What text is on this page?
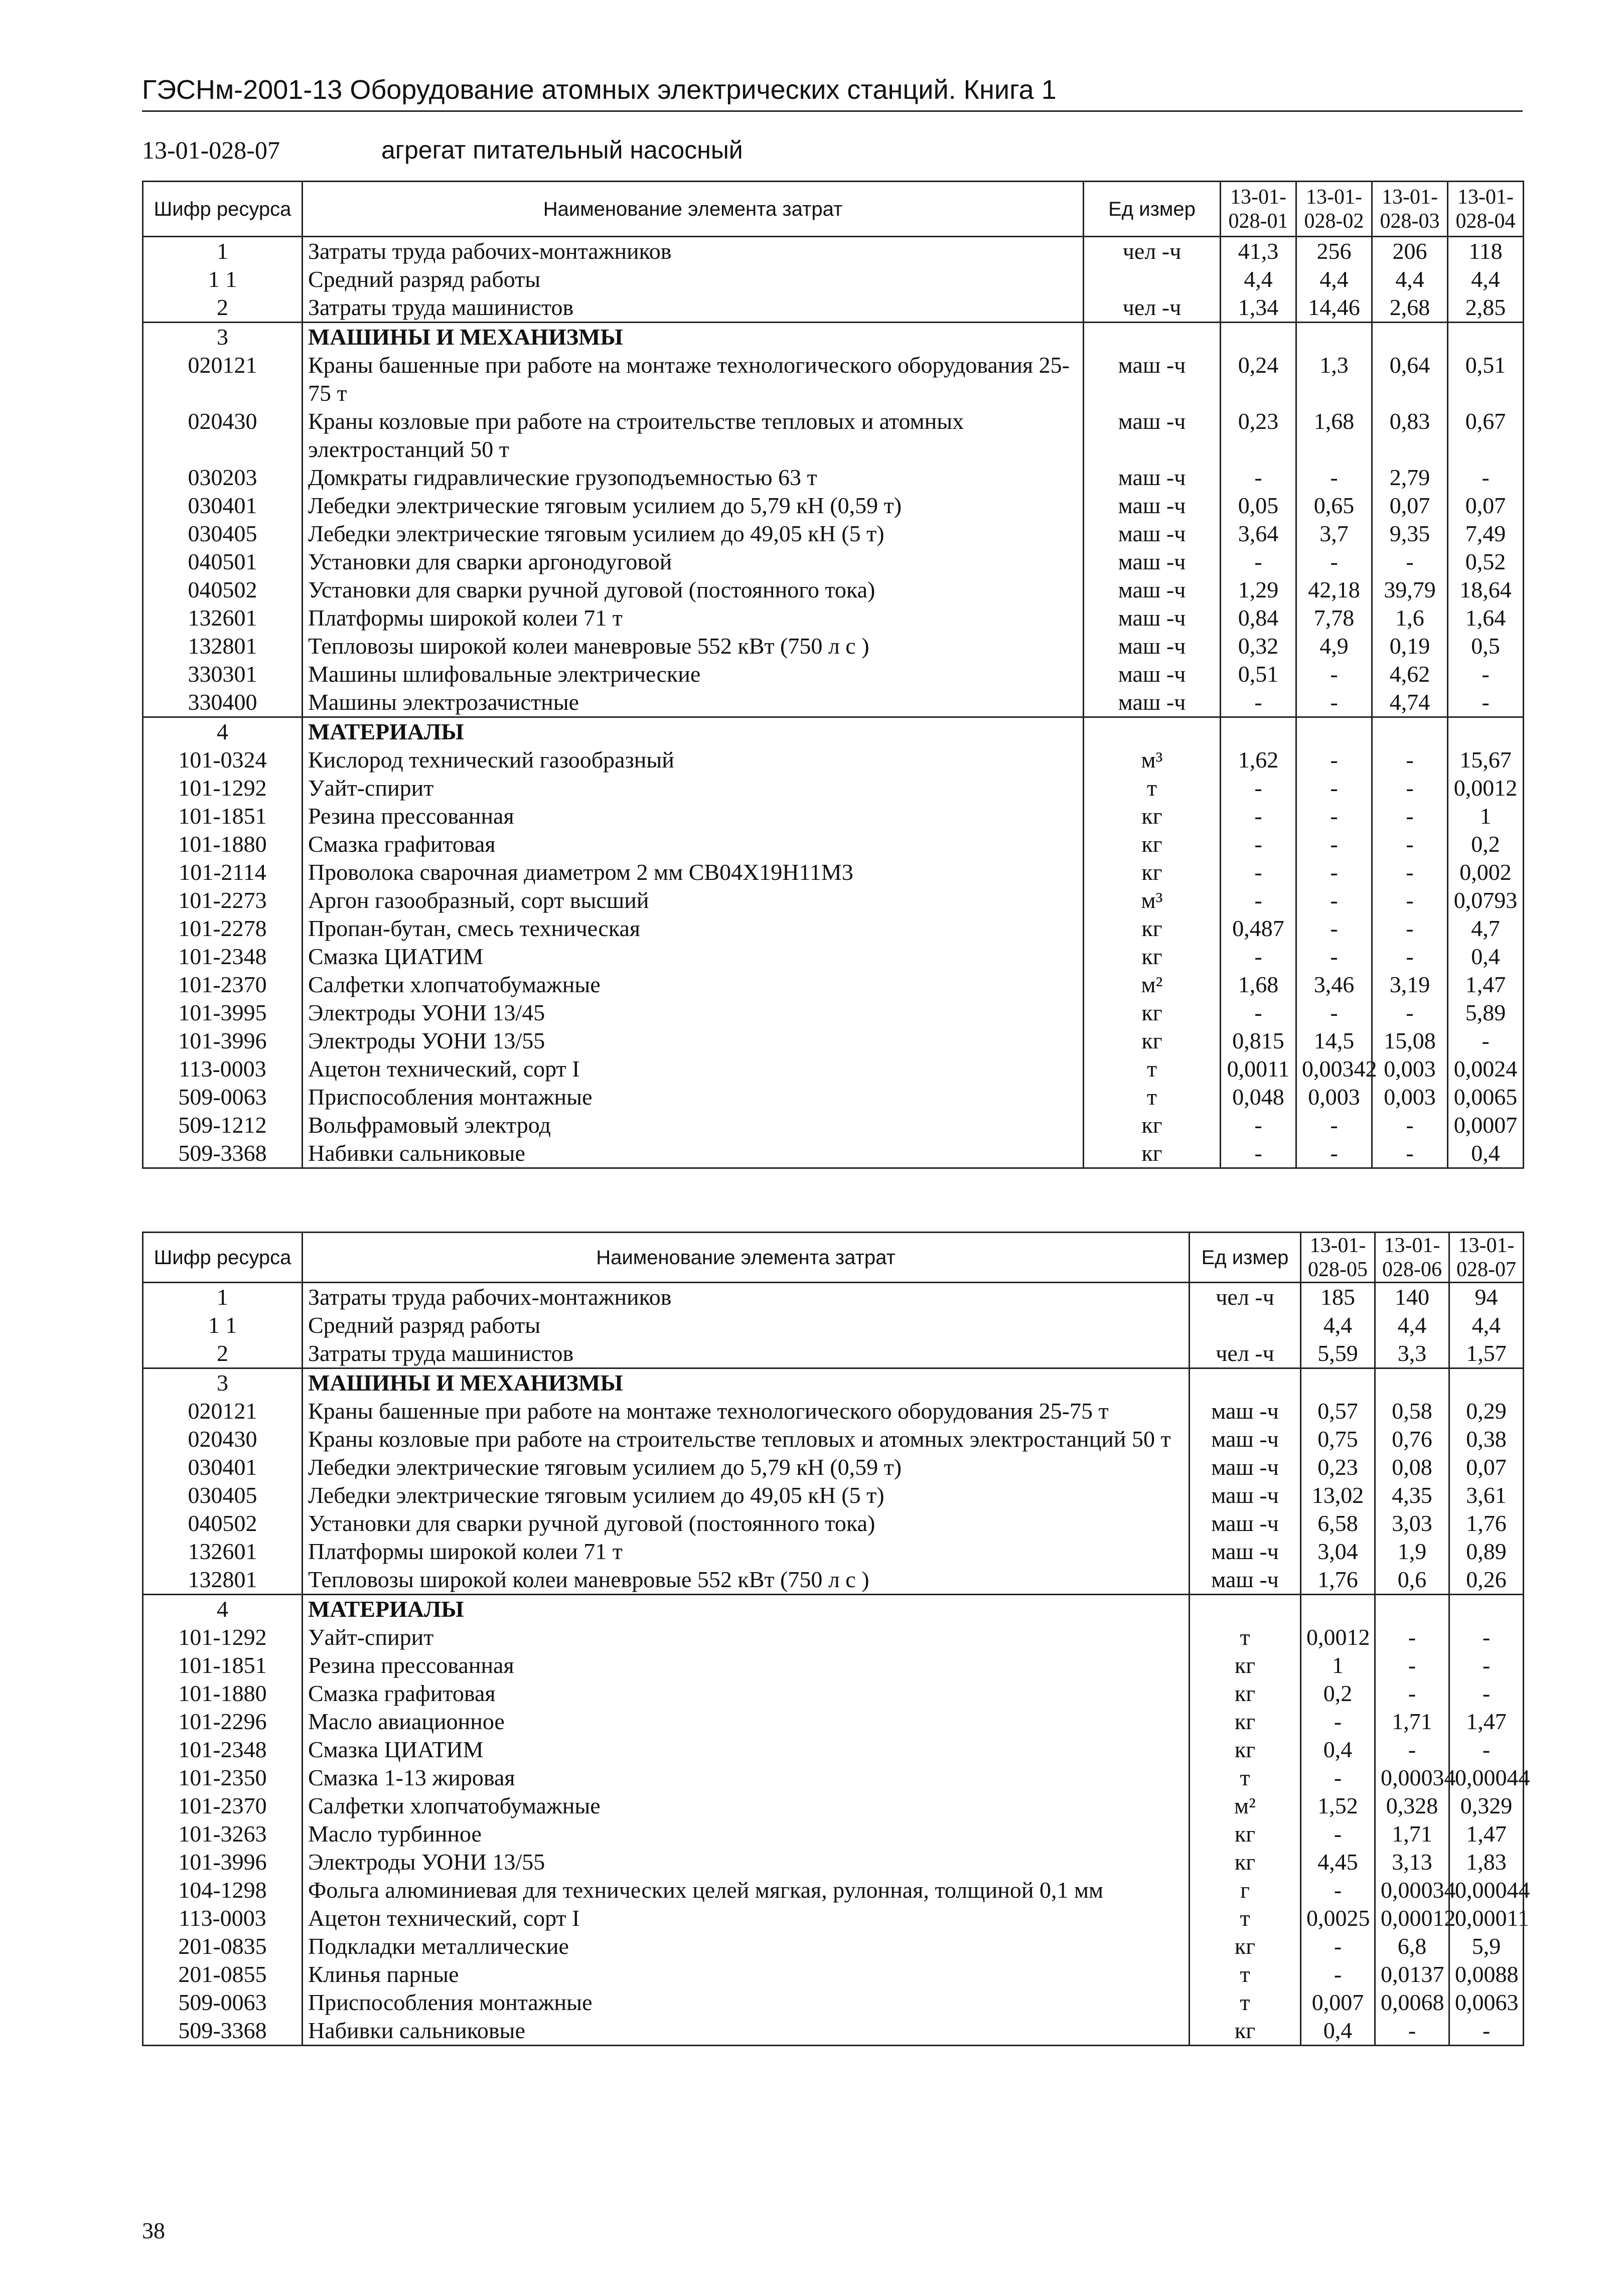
ГЭСНм-2001-13 Оборудование атомных электрических станций. Книга 1
13-01-028-07	агрегат питательный насосный
Шифр ресурса	Наименование элемента затрат	Ед измер	13-01-028-01	13-01-028-02	13-01-028-03	13-01-028-04
1	Затраты труда рабочих-монтажников	чел -ч	41,3	256	206	118
1 1	Средний разряд работы		4,4	4,4	4,4	4,4
2	Затраты труда машинистов	чел -ч	1,34	14,46	2,68	2,85
3	МАШИНЫ И МЕХАНИЗМЫ					
020121	Краны башенные при работе на монтаже технологического оборудования 25-75 т	маш -ч	0,24	1,3	0,64	0,51
020430	Краны козловые при работе на строительстве тепловых и атомных электростанций 50 т	маш -ч	0,23	1,68	0,83	0,67
030203	Домкраты гидравлические грузоподъемностью 63 т	маш -ч	-	-	2,79	-
030401	Лебедки электрические тяговым усилием до 5,79 кН (0,59 т)	маш -ч	0,05	0,65	0,07	0,07
030405	Лебедки электрические тяговым усилием до 49,05 кН (5 т)	маш -ч	3,64	3,7	9,35	7,49
040501	Установки для сварки аргонодуговой	маш -ч	-	-	-	0,52
040502	Установки для сварки ручной дуговой (постоянного тока)	маш -ч	1,29	42,18	39,79	18,64
132601	Платформы широкой колеи 71 т	маш -ч	0,84	7,78	1,6	1,64
132801	Тепловозы широкой колеи маневровые 552 кВт (750 л с )	маш -ч	0,32	4,9	0,19	0,5
330301	Машины шлифовальные электрические	маш -ч	0,51	-	4,62	-
330400	Машины электрозачистные	маш -ч	-	-	4,74	-
4	МАТЕРИАЛЫ					
101-0324	Кислород технический газообразный	м³	1,62	-	-	15,67
101-1292	Уайт-спирит	т	-	-	-	0,0012
101-1851	Резина прессованная	кг	-	-	-	1
101-1880	Смазка графитовая	кг	-	-	-	0,2
101-2114	Проволока сварочная диаметром 2 мм СВ04Х19Н11М3	кг	-	-	-	0,002
101-2273	Аргон газообразный, сорт высший	м³	-	-	-	0,0793
101-2278	Пропан-бутан, смесь техническая	кг	0,487	-	-	4,7
101-2348	Смазка ЦИАТИМ	кг	-	-	-	0,4
101-2370	Салфетки хлопчатобумажные	м²	1,68	3,46	3,19	1,47
101-3995	Электроды УОНИ 13/45	кг	-	-	-	5,89
101-3996	Электроды УОНИ 13/55	кг	0,815	14,5	15,08	-
113-0003	Ацетон технический, сорт I	т	0,0011	0,00342	0,003	0,0024
509-0063	Приспособления монтажные	т	0,048	0,003	0,003	0,0065
509-1212	Вольфрамовый электрод	кг	-	-	-	0,0007
509-3368	Набивки сальниковые	кг	-	-	-	0,4
Шифр ресурса	Наименование элемента затрат	Ед измер	13-01-028-05	13-01-028-06	13-01-028-07
1	Затраты труда рабочих-монтажников	чел -ч	185	140	94
1 1	Средний разряд работы		4,4	4,4	4,4
2	Затраты труда машинистов	чел -ч	5,59	3,3	1,57
3	МАШИНЫ И МЕХАНИЗМЫ				
020121	Краны башенные при работе на монтаже технологического оборудования 25-75 т	маш -ч	0,57	0,58	0,29
020430	Краны козловые при работе на строительстве тепловых и атомных электростанций 50 т	маш -ч	0,75	0,76	0,38
030401	Лебедки электрические тяговым усилием до 5,79 кН (0,59 т)	маш -ч	0,23	0,08	0,07
030405	Лебедки электрические тяговым усилием до 49,05 кН (5 т)	маш -ч	13,02	4,35	3,61
040502	Установки для сварки ручной дуговой (постоянного тока)	маш -ч	6,58	3,03	1,76
132601	Платформы широкой колеи 71 т	маш -ч	3,04	1,9	0,89
132801	Тепловозы широкой колеи маневровые 552 кВт (750 л с )	маш -ч	1,76	0,6	0,26
4	МАТЕРИАЛЫ				
101-1292	Уайт-спирит	т	0,0012	-	-
101-1851	Резина прессованная	кг	1	-	-
101-1880	Смазка графитовая	кг	0,2	-	-
101-2296	Масло авиационное	кг	-	1,71	1,47
101-2348	Смазка ЦИАТИМ	кг	0,4	-	-
101-2350	Смазка 1-13 жировая	т	-	0,00034	0,00044
101-2370	Салфетки хлопчатобумажные	м²	1,52	0,328	0,329
101-3263	Масло турбинное	кг	-	1,71	1,47
101-3996	Электроды УОНИ 13/55	кг	4,45	3,13	1,83
104-1298	Фольга алюминиевая для технических целей мягкая, рулонная, толщиной 0,1 мм	г	-	0,00034	0,00044
113-0003	Ацетон технический, сорт I	т	0,0025	0,00012	0,00011
201-0835	Подкладки металлические	кг	-	6,8	5,9
201-0855	Клинья парные	т	-	0,0137	0,0088
509-0063	Приспособления монтажные	т	0,007	0,0068	0,0063
509-3368	Набивки сальниковые	кг	0,4	-	-
38
